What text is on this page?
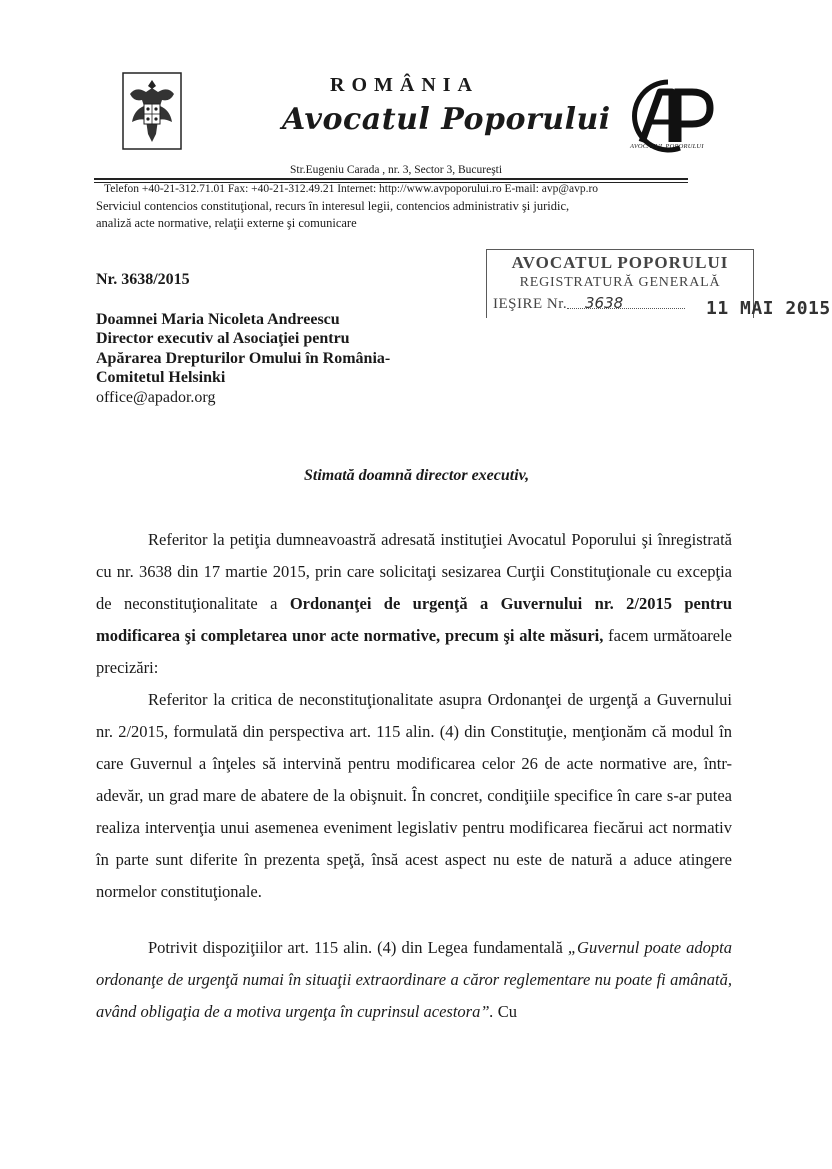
ROMÂNIA
Avocatul Poporului
AVOCATUL POPORULUI
Str.Eugeniu Carada , nr. 3, Sector 3, Bucureşti
Telefon +40-21-312.71.01 Fax: +40-21-312.49.21 Internet: http://www.avpoporului.ro E-mail: avp@avp.ro
Serviciul contencios constituţional, recurs în interesul legii, contencios administrativ şi juridic,
analiză acte normative, relaţii externe şi comunicare
AVOCATUL POPORULUI
REGISTRATURĂ GENERALĂ
IEŞIRE Nr. 3638	11 MAI 2015
Nr. 3638/2015
Doamnei Maria Nicoleta Andreescu
Director executiv al Asociaţiei pentru
Apărarea Drepturilor Omului în România-
Comitetul Helsinki
office@apador.org
Stimată doamnă director executiv,
Referitor la petiţia dumneavoastră adresată instituţiei Avocatul Poporului şi înregistrată cu nr. 3638 din 17 martie 2015, prin care solicitaţi sesizarea Curţii Constituţionale cu excepţia de neconstituţionalitate a Ordonanţei de urgenţă a Guvernului nr. 2/2015 pentru modificarea şi completarea unor acte normative, precum şi alte măsuri, facem următoarele precizări:
Referitor la critica de neconstituţionalitate asupra Ordonanţei de urgenţă a Guvernului nr. 2/2015, formulată din perspectiva art. 115 alin. (4) din Constituţie, menţionăm că modul în care Guvernul a înţeles să intervină pentru modificarea celor 26 de acte normative are, într-adevăr, un grad mare de abatere de la obişnuit. În concret, condiţiile specifice în care s-ar putea realiza intervenţia unui asemenea eveniment legislativ pentru modificarea fiecărui act normativ în parte sunt diferite în prezenta speţă, însă acest aspect nu este de natură a aduce atingere normelor constituţionale.
Potrivit dispoziţiilor art. 115 alin. (4) din Legea fundamentală „Guvernul poate adopta ordonanţe de urgenţă numai în situaţii extraordinare a căror reglementare nu poate fi amânată, având obligaţia de a motiva urgenţa în cuprinsul acestora”. Cu
